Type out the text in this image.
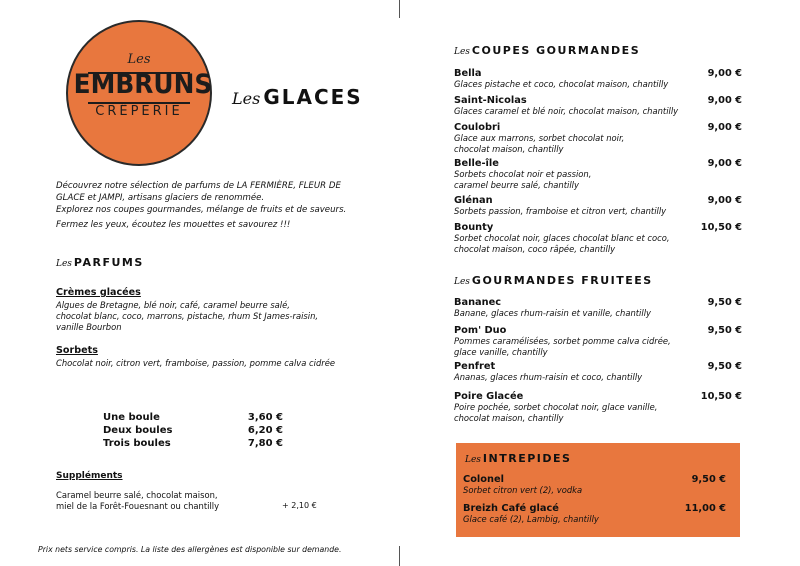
Les
EMBRUNS
CRÊPERIE
Les GLACES
Découvrez notre sélection de parfums de LA FERMIÈRE, FLEUR DE
GLACE et JAMPI, artisans glaciers de renommée.
Explorez nos coupes gourmandes, mélange de fruits et de saveurs.
Fermez les yeux, écoutez les mouettes et savourez !!!
Les PARFUMS
Crèmes glacées
Algues de Bretagne, blé noir, café, caramel beurre salé,
chocolat blanc, coco, marrons, pistache, rhum St James-raisin,
vanille Bourbon
Sorbets
Chocolat noir, citron vert, framboise, passion, pomme calva cidrée
Une boule	3,60 €
Deux boules	6,20 €
Trois boules	7,80 €
Suppléments
Caramel beurre salé, chocolat maison,
miel de la Forêt-Fouesnant ou chantilly	+ 2,10 €
Prix nets service compris. La liste des allergènes est disponible sur demande.
Les COUPES GOURMANDES
Bella	9,00 €
Glaces pistache et coco, chocolat maison, chantilly
Saint-Nicolas	9,00 €
Glaces caramel et blé noir, chocolat maison, chantilly
Coulobri	9,00 €
Glace aux marrons, sorbet chocolat noir,
chocolat maison, chantilly
Belle-île	9,00 €
Sorbets chocolat noir et passion,
caramel beurre salé, chantilly
Glénan	9,00 €
Sorbets passion, framboise et citron vert, chantilly
Bounty	10,50 €
Sorbet chocolat noir, glaces chocolat blanc et coco,
chocolat maison, coco râpée, chantilly
Les GOURMANDES FRUITEES
Bananec	9,50 €
Banane, glaces rhum-raisin et vanille, chantilly
Pom' Duo	9,50 €
Pommes caramélisées, sorbet pomme calva cidrée,
glace vanille, chantilly
Penfret	9,50 €
Ananas, glaces rhum-raisin et coco, chantilly
Poire Glacée	10,50 €
Poire pochée, sorbet chocolat noir, glace vanille,
chocolat maison, chantilly
Les INTREPIDES
Colonel	9,50 €
Sorbet citron vert (2), vodka
Breizh Café glacé	11,00 €
Glace café (2), Lambig, chantilly
